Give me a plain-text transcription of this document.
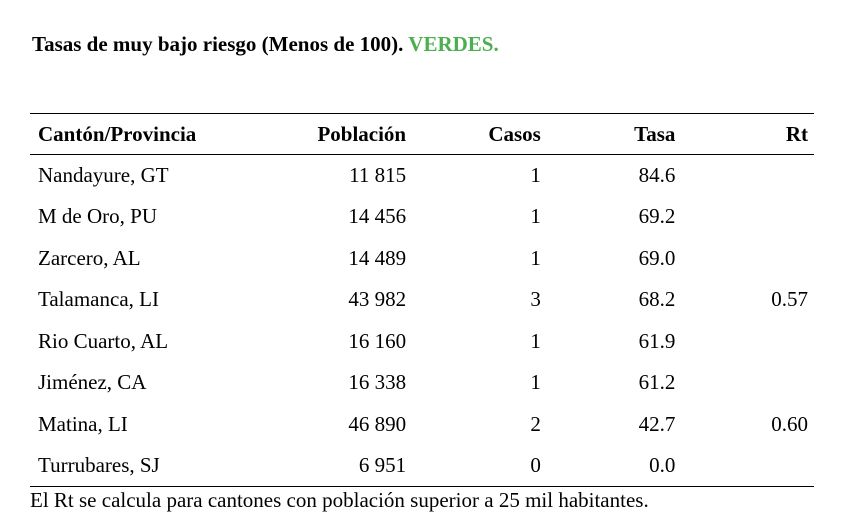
Tasas de muy bajo riesgo (Menos de 100). VERDES.
Cantón/Provincia	Población	Casos	Tasa	Rt
Nandayure, GT	11 815	1	84.6	
M de Oro, PU	14 456	1	69.2	
Zarcero, AL	14 489	1	69.0	
Talamanca, LI	43 982	3	68.2	0.57
Rio Cuarto, AL	16 160	1	61.9	
Jiménez, CA	16 338	1	61.2	
Matina, LI	46 890	2	42.7	0.60
Turrubares, SJ	6 951	0	0.0	
El Rt se calcula para cantones con población superior a 25 mil habitantes.
